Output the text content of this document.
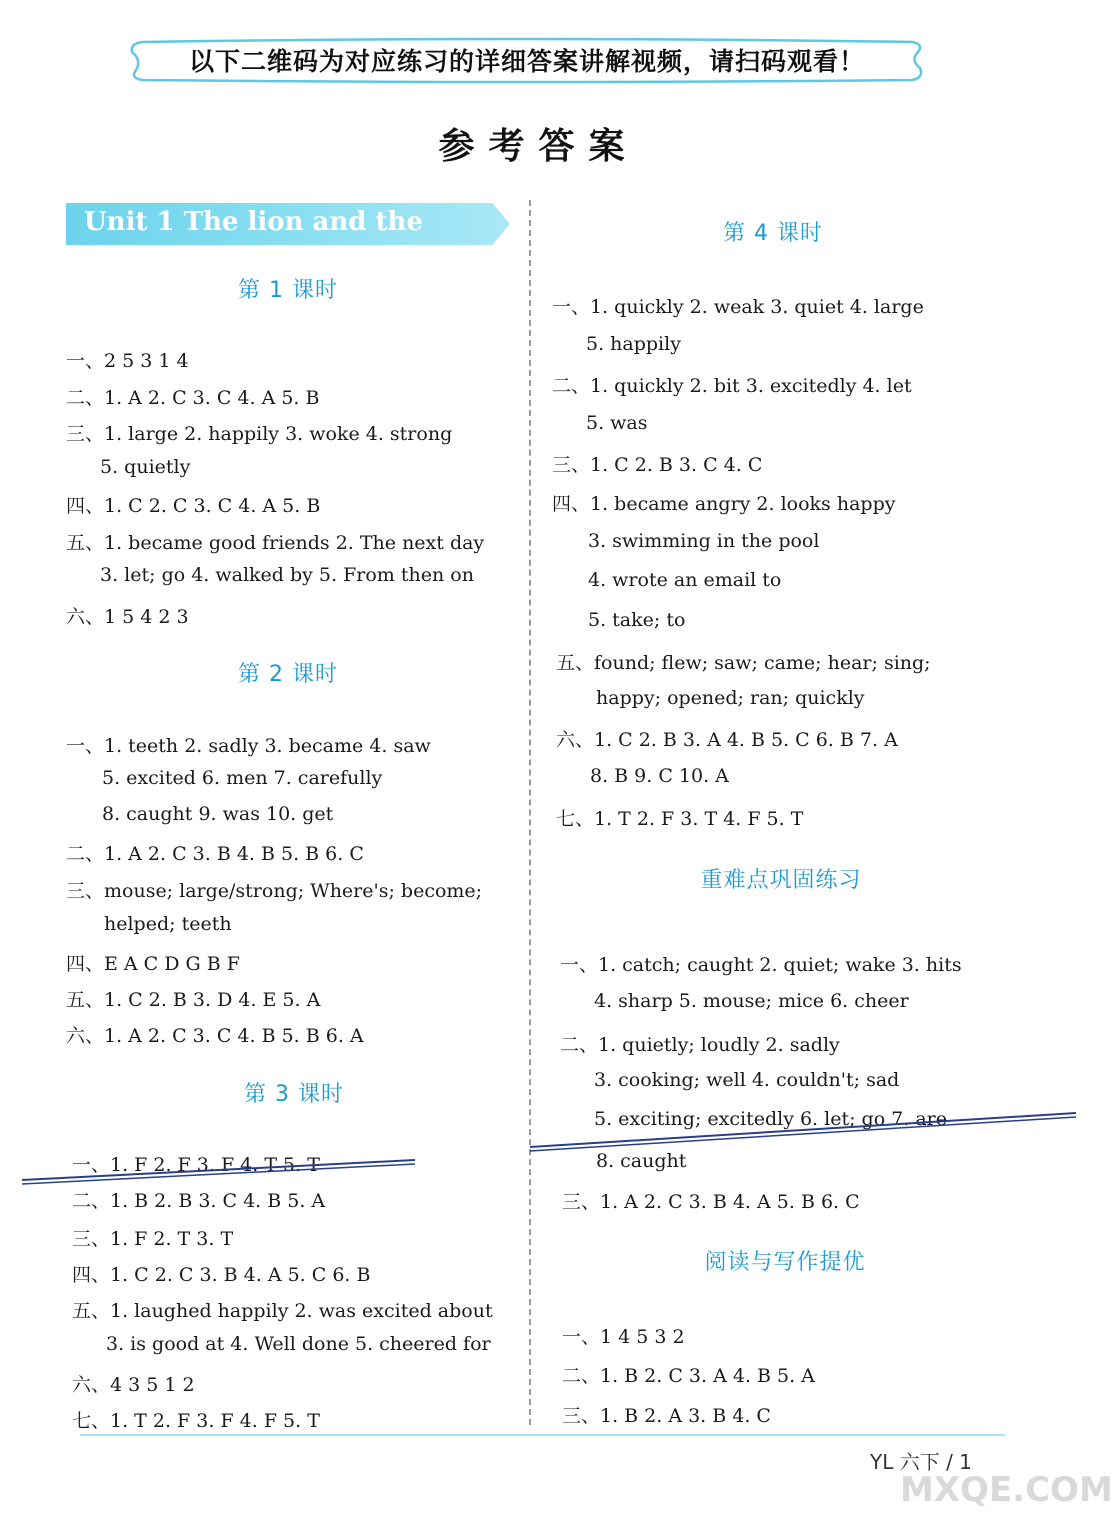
以下二维码为对应练习的详细答案讲解视频，请扫码观看！
参考答案
Unit 1 The lion and the mouse
第 1 课时
一、2 5 3 1 4
二、1. A 2. C 3. C 4. A 5. B
三、1. large 2. happily 3. woke 4. strong
5. quietly
四、1. C 2. C 3. C 4. A 5. B
五、1. became good friends 2. The next day
3. let; go 4. walked by 5. From then on
六、1 5 4 2 3
第 2 课时
一、1. teeth 2. sadly 3. became 4. saw
5. excited 6. men 7. carefully
8. caught 9. was 10. get
二、1. A 2. C 3. B 4. B 5. B 6. C
三、mouse; large/strong; Where's; become;
helped; teeth
四、E A C D G B F
五、1. C 2. B 3. D 4. E 5. A
六、1. A 2. C 3. C 4. B 5. B 6. A
第 3 课时
一、1. F 2. F 3. F 4. T 5. T
二、1. B 2. B 3. C 4. B 5. A
三、1. F 2. T 3. T
四、1. C 2. C 3. B 4. A 5. C 6. B
五、1. laughed happily 2. was excited about
3. is good at 4. Well done 5. cheered for
六、4 3 5 1 2
七、1. T 2. F 3. F 4. F 5. T
第 4 课时
一、1. quickly 2. weak 3. quiet 4. large
5. happily
二、1. quickly 2. bit 3. excitedly 4. let
5. was
三、1. C 2. B 3. C 4. C
四、1. became angry 2. looks happy
3. swimming in the pool
4. wrote an email to
5. take; to
五、found; flew; saw; came; hear; sing;
happy; opened; ran; quickly
六、1. C 2. B 3. A 4. B 5. C 6. B 7. A
8. B 9. C 10. A
七、1. T 2. F 3. T 4. F 5. T
重难点巩固练习
一、1. catch; caught 2. quiet; wake 3. hits
4. sharp 5. mouse; mice 6. cheer
二、1. quietly; loudly 2. sadly
3. cooking; well 4. couldn't; sad
5. exciting; excitedly 6. let; go 7. are
8. caught
三、1. A 2. C 3. B 4. A 5. B 6. C
阅读与写作提优
一、1 4 5 3 2
二、1. B 2. C 3. A 4. B 5. A
三、1. B 2. A 3. B 4. C
YL 六下 / 1
MXQE.COM
